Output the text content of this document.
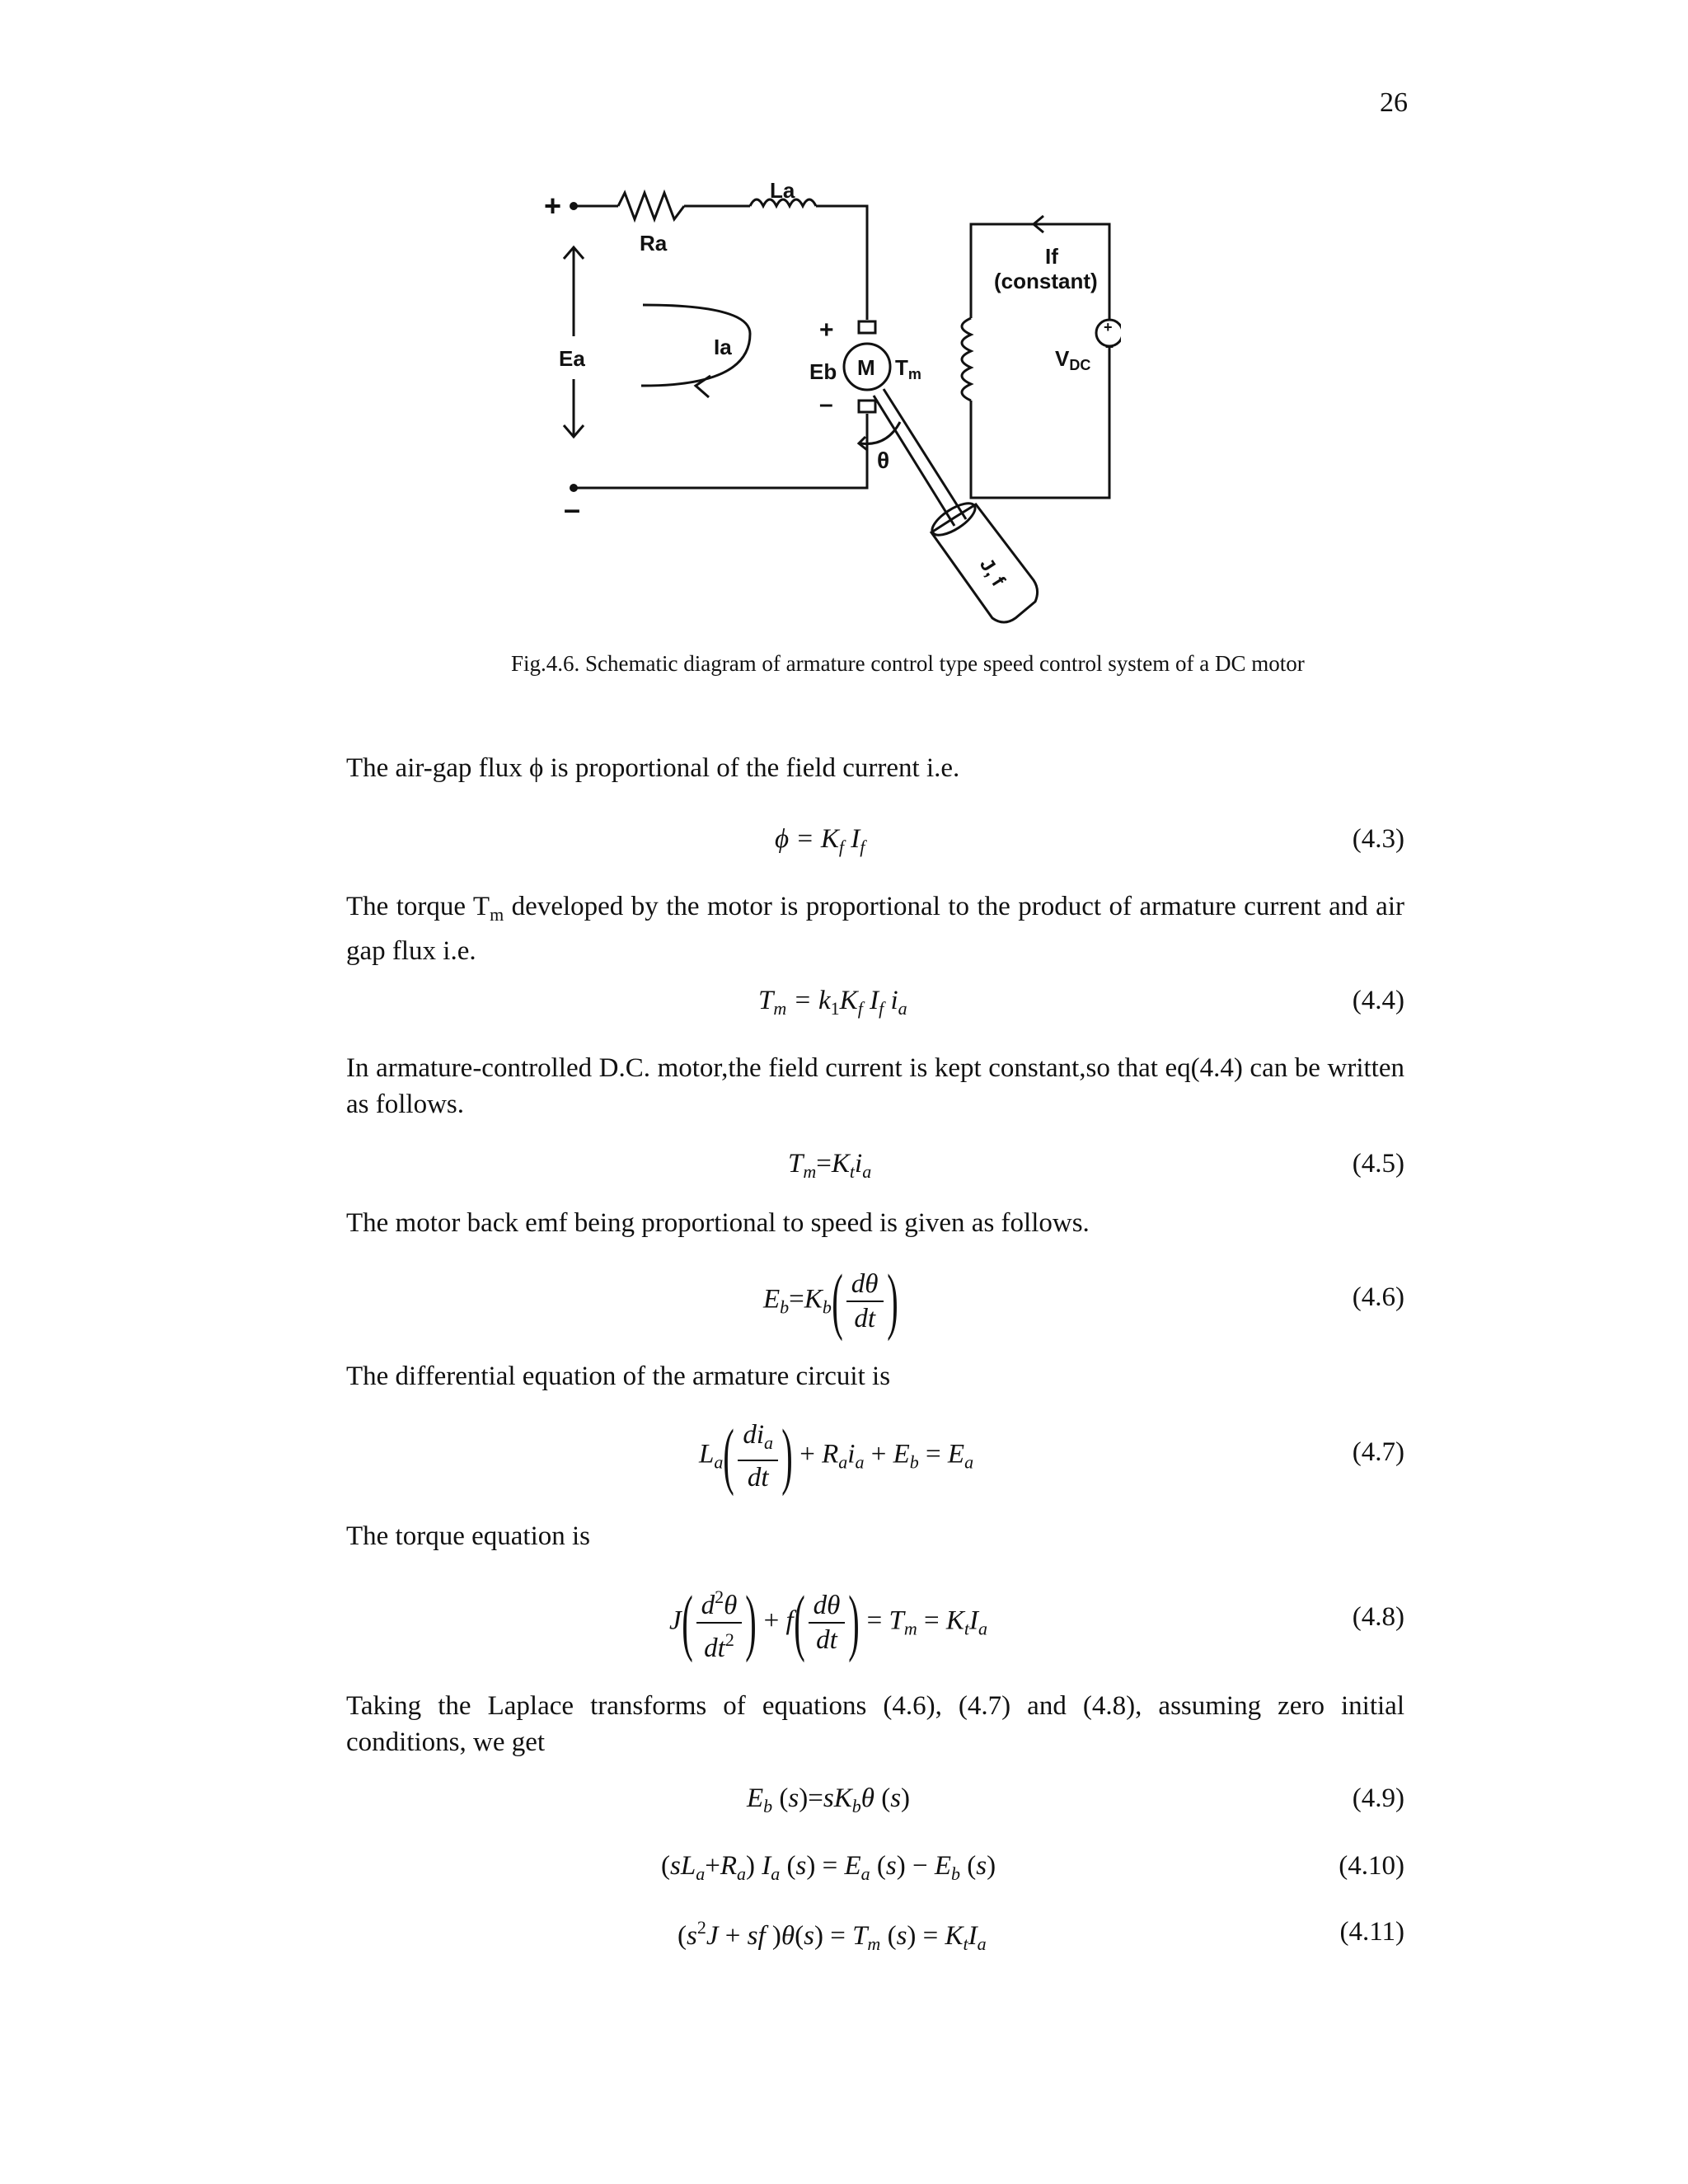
26
+
–
Ra
La
Ea	Ia
+
Eb
–
M Tm
θ
J, f
If
(constant)
VDC
+
–
Fig.4.6. Schematic diagram of armature control type speed control system of a DC motor
The air-gap flux ϕ is proportional of the field current i.e.
$\phi = K_f$ $I_f$	(4.3)
The torque $T_m$ developed by the motor is proportional to the product of armature current and air gap flux i.e.
$T_m = k_1K_f$ $I_f$ $i_a$	(4.4)
In armature-controlled D.C. motor,the field current is kept constant,so that eq(4.4) can be written as follows.
$T_m=K_ti_a$	(4.5)
The motor back emf being proportional to speed is given as follows.
$E_b=K_b( \frac{d\theta}{dt}$ )	(4.6)
The differential equation of the armature circuit is
$L_a( \frac{di_a}{dt}$ ) + $R_ai_a + E_b = E_a$	(4.7)
The torque equation is
$J( \frac{d^2\theta}{dt^2}$ ) + $f( \frac{d\theta}{dt}$ ) = $T_m = K_tI_a$	(4.8)
Taking the Laplace transforms of equations (4.6), (4.7) and (4.8), assuming zero initial conditions, we get
$E_b$ $(s)=sK_b\theta$ (s)	(4.9)
$(sL_a+R_a)$ $I_a$ $(s) = E_a$ $(s) - E_b$ (s)	(4.10)
($s^2J$ + sf )$\theta(s) = T_m$ $(s) = K_tI_a$	(4.11)
